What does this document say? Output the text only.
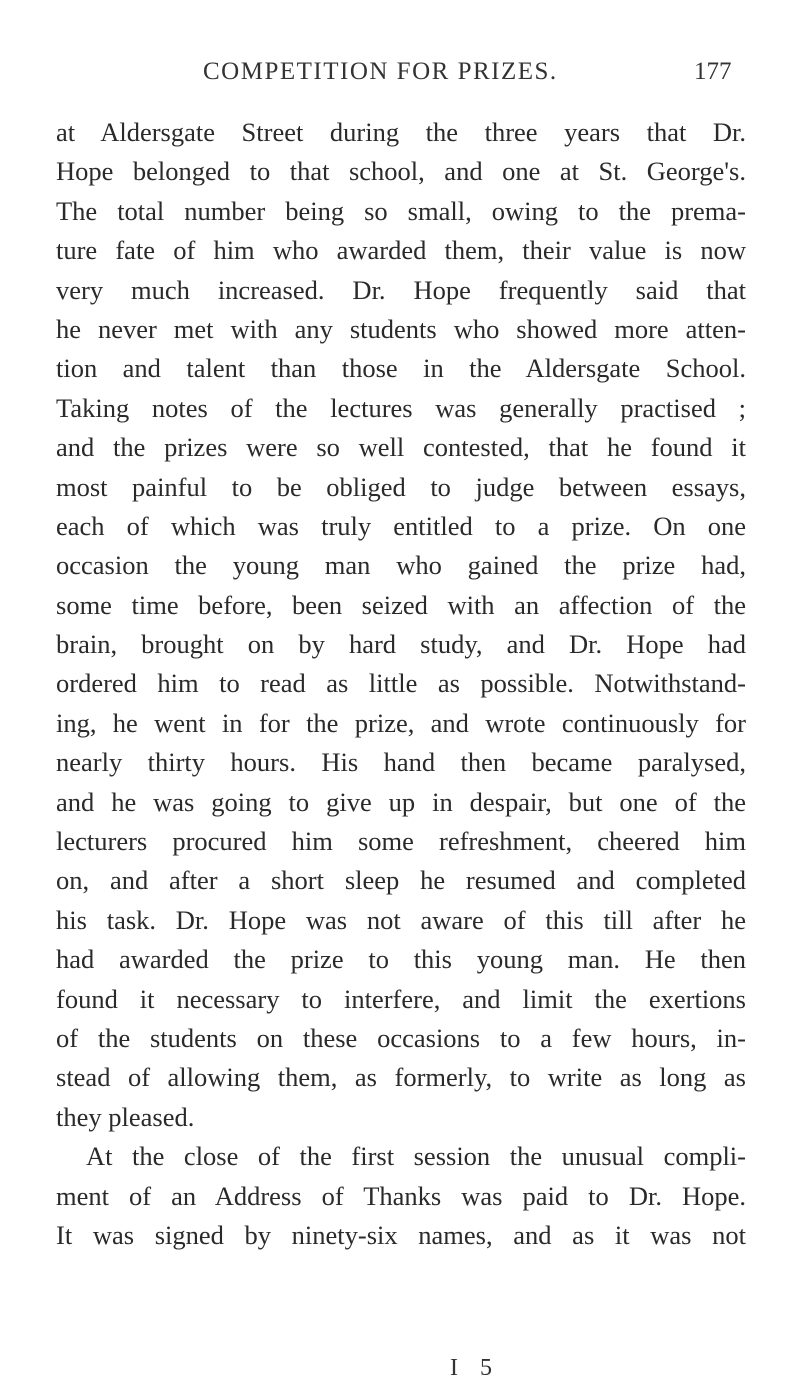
COMPETITION FOR PRIZES.	177
at Aldersgate Street during the three years that Dr.
Hope belonged to that school, and one at St. George's.
The total number being so small, owing to the prema-
ture fate of him who awarded them, their value is now
very much increased. Dr. Hope frequently said that
he never met with any students who showed more atten-
tion and talent than those in the Aldersgate School.
Taking notes of the lectures was generally practised ;
and the prizes were so well contested, that he found it
most painful to be obliged to judge between essays,
each of which was truly entitled to a prize. On one
occasion the young man who gained the prize had,
some time before, been seized with an affection of the
brain, brought on by hard study, and Dr. Hope had
ordered him to read as little as possible. Notwithstand-
ing, he went in for the prize, and wrote continuously for
nearly thirty hours. His hand then became paralysed,
and he was going to give up in despair, but one of the
lecturers procured him some refreshment, cheered him
on, and after a short sleep he resumed and completed
his task. Dr. Hope was not aware of this till after he
had awarded the prize to this young man. He then
found it necessary to interfere, and limit the exertions
of the students on these occasions to a few hours, in-
stead of allowing them, as formerly, to write as long as
they pleased.
At the close of the first session the unusual compli-
ment of an Address of Thanks was paid to Dr. Hope.
It was signed by ninety-six names, and as it was not
I 5
